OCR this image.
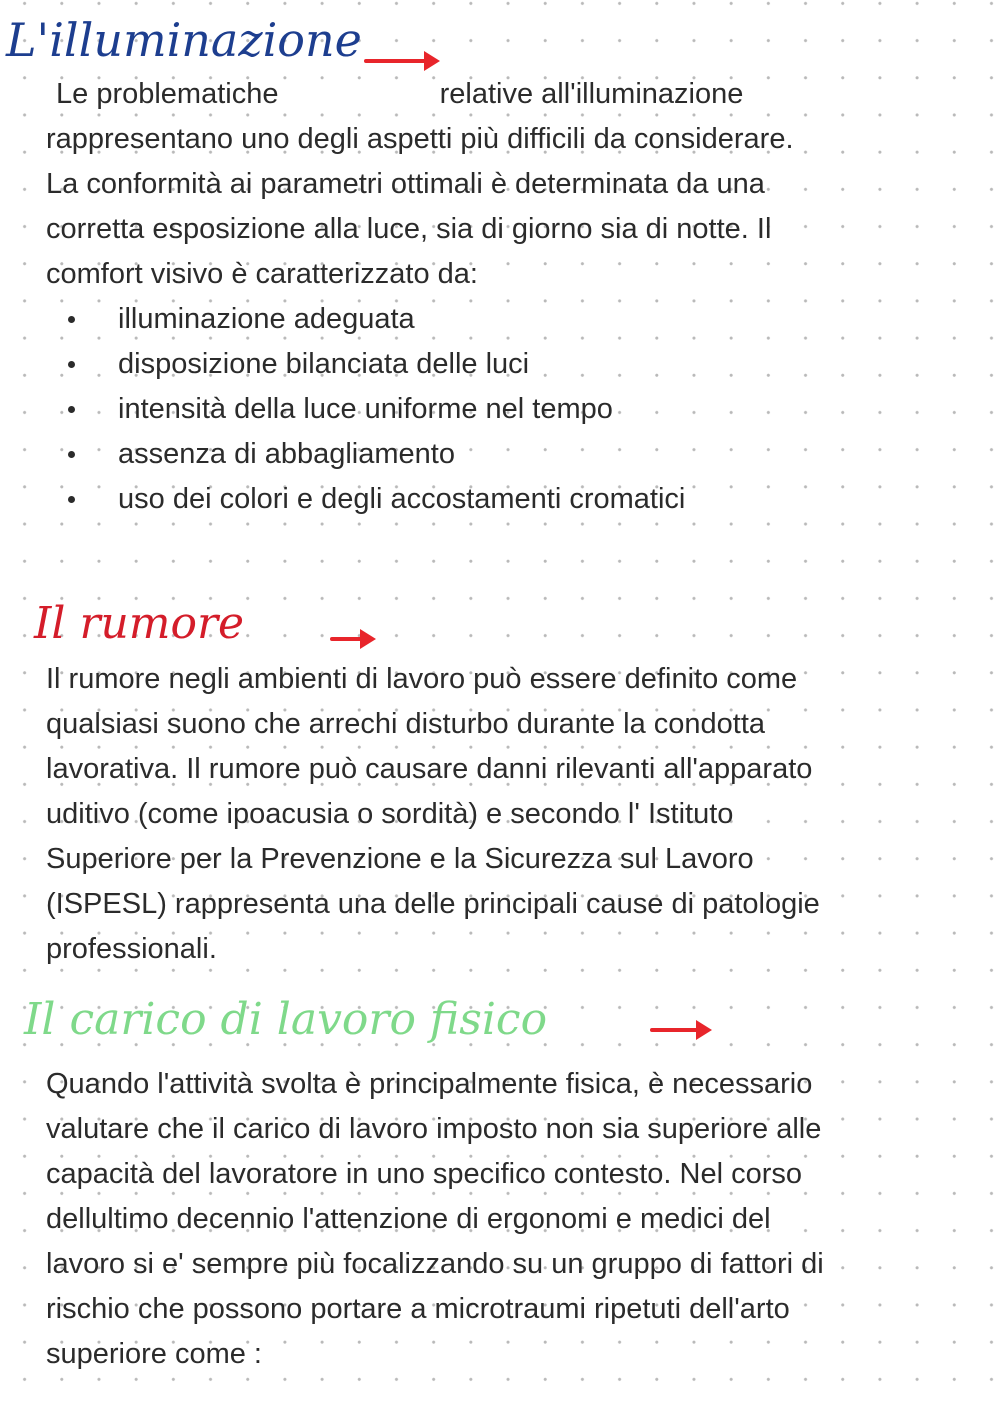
L'illuminazione
Le problematiche                    relative all'illuminazione
rappresentano uno degli aspetti più difficili da considerare.
La conformità ai parametri ottimali è determinata da una
corretta esposizione alla luce, sia di giorno sia di notte. Il
comfort visivo è caratterizzato da:
illuminazione adeguata
disposizione bilanciata delle luci
intensità della luce uniforme nel tempo
assenza di abbagliamento
uso dei colori e degli accostamenti cromatici
Il rumore
Il rumore negli ambienti di lavoro può essere definito come
qualsiasi suono che arrechi disturbo durante la condotta
lavorativa. Il rumore può causare danni rilevanti all'apparato
uditivo (come ipoacusia o sordità) e secondo l' Istituto
Superiore per la Prevenzione e la Sicurezza sul Lavoro
(ISPESL) rappresenta una delle principali cause di patologie
professionali.
Il carico di lavoro fisico
Quando l'attività svolta è principalmente fisica, è necessario
valutare che il carico di lavoro imposto non sia superiore alle
capacità del lavoratore in uno specifico contesto. Nel corso
dellultimo decennio l'attenzione di ergonomi e medici del
lavoro si e' sempre più focalizzando su un gruppo di fattori di
rischio che possono portare a microtraumi ripetuti dell'arto
superiore come :
